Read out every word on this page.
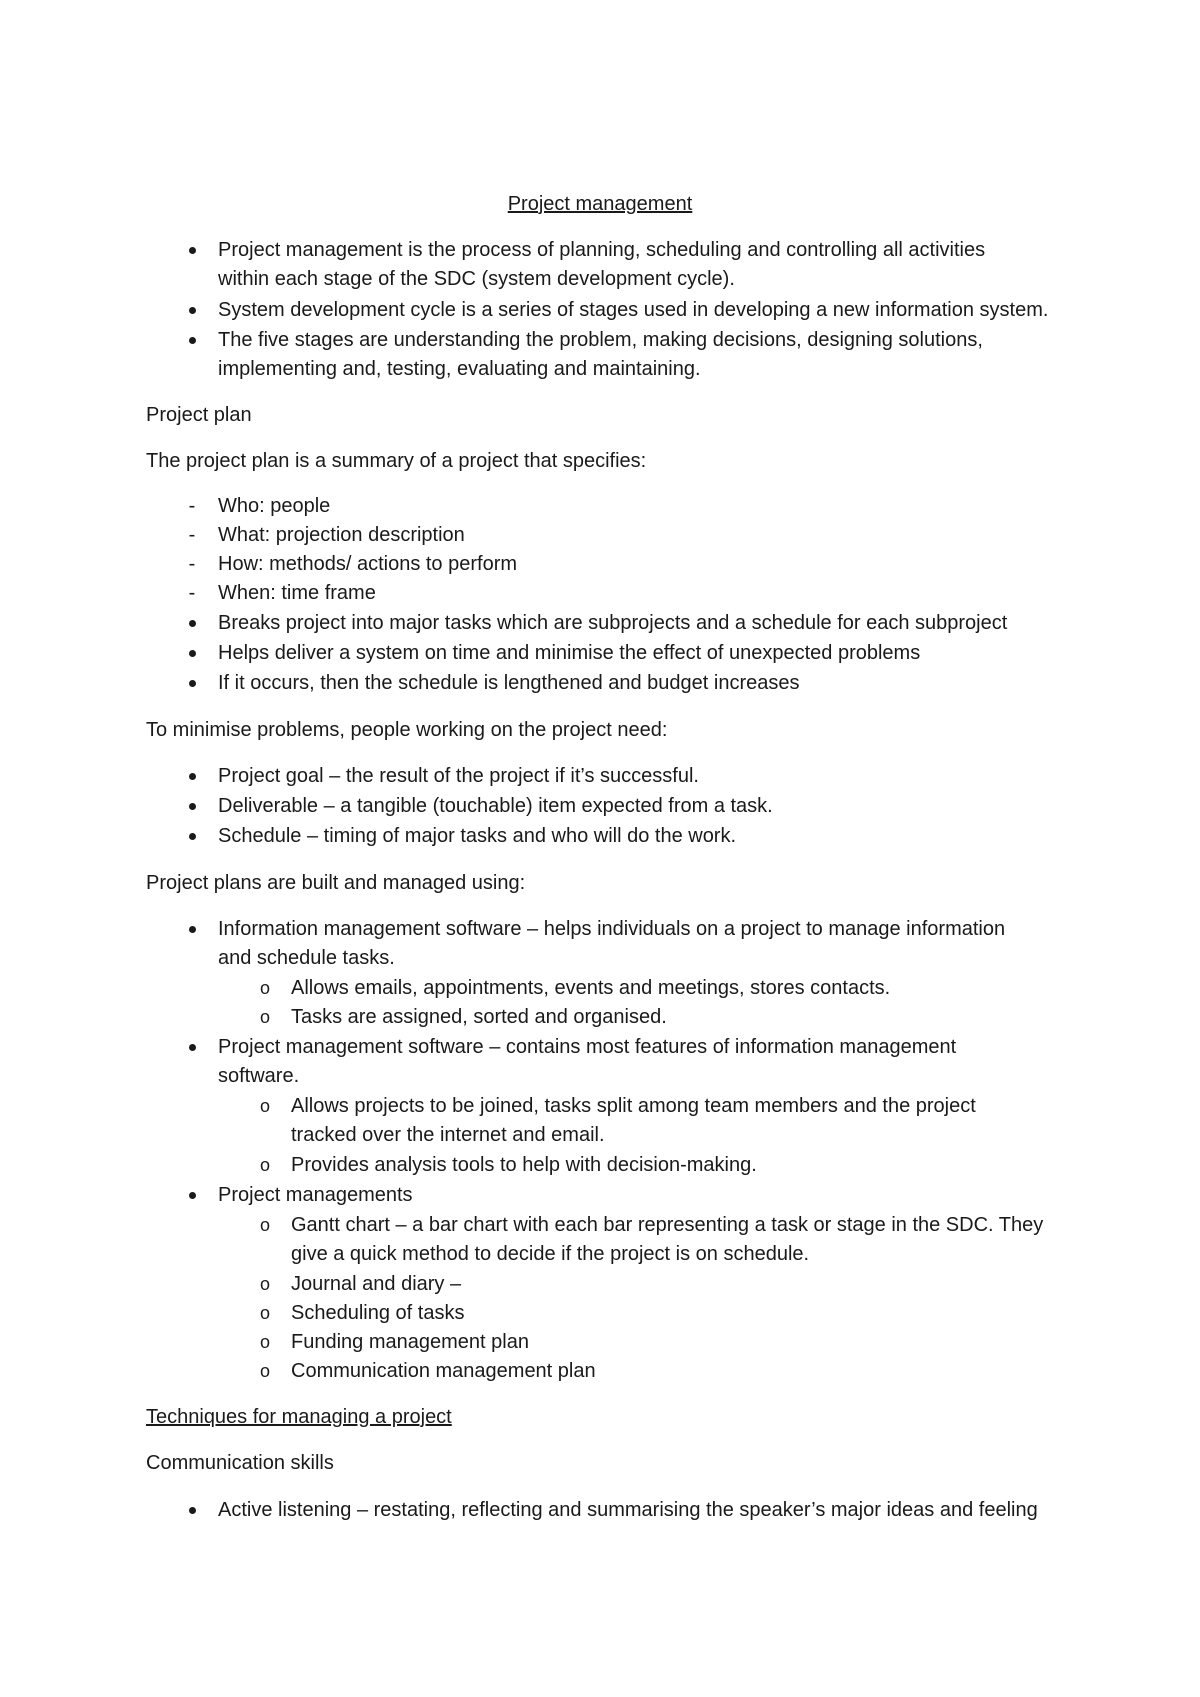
Project management

Project management is the process of planning, scheduling and controlling all activities
within each stage of the SDC (system development cycle).
System development cycle is a series of stages used in developing a new information system.
The five stages are understanding the problem, making decisions, designing solutions,
implementing and, testing, evaluating and maintaining.

Project plan

The project plan is a summary of a project that specifies:

-	Who: people
-	What: projection description
-	How: methods/ actions to perform
-	When: time frame
Breaks project into major tasks which are subprojects and a schedule for each subproject
Helps deliver a system on time and minimise the effect of unexpected problems
If it occurs, then the schedule is lengthened and budget increases

To minimise problems, people working on the project need:

Project goal – the result of the project if it’s successful.
Deliverable – a tangible (touchable) item expected from a task.
Schedule – timing of major tasks and who will do the work.

Project plans are built and managed using:

Information management software – helps individuals on a project to manage information
and schedule tasks.
o	Allows emails, appointments, events and meetings, stores contacts.
o	Tasks are assigned, sorted and organised.
Project management software – contains most features of information management
software.
o	Allows projects to be joined, tasks split among team members and the project
tracked over the internet and email.
o	Provides analysis tools to help with decision-making.
Project managements
o	Gantt chart – a bar chart with each bar representing a task or stage in the SDC. They
give a quick method to decide if the project is on schedule.
o	Journal and diary –
o	Scheduling of tasks
o	Funding management plan
o	Communication management plan

Techniques for managing a project

Communication skills

Active listening – restating, reflecting and summarising the speaker’s major ideas and feeling
